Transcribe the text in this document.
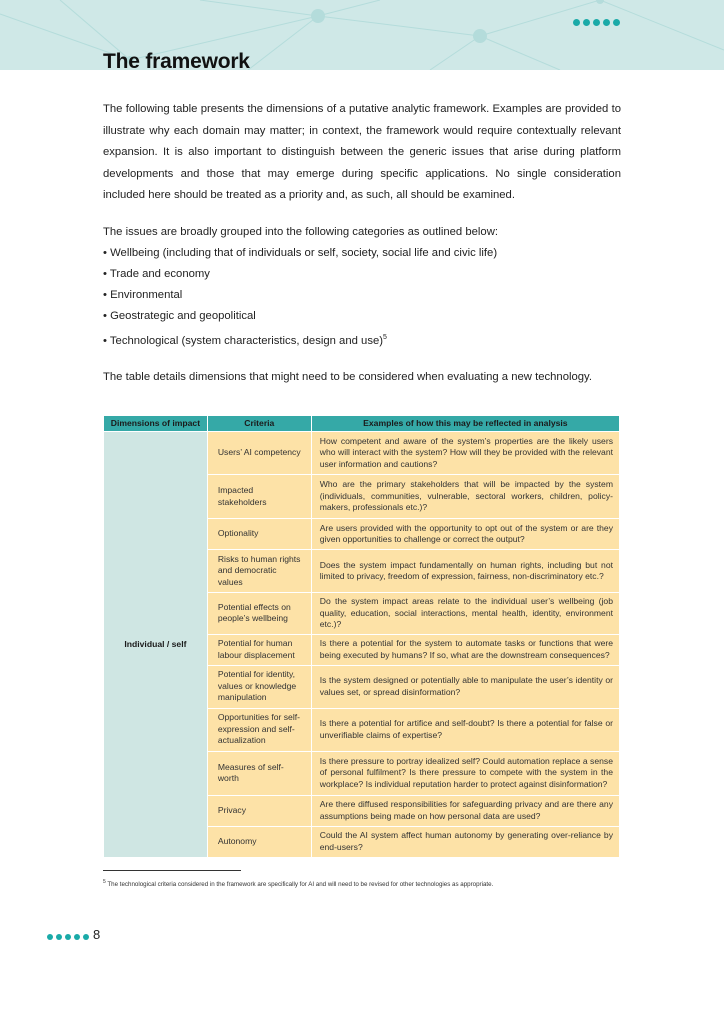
The framework

The following table presents the dimensions of a putative analytic framework. Examples are provided to illustrate why each domain may matter; in context, the framework would require contextually relevant expansion. It is also important to distinguish between the generic issues that arise during platform developments and those that may emerge during specific applications. No single consideration included here should be treated as a priority and, as such, all should be examined.

The issues are broadly grouped into the following categories as outlined below:

• Wellbeing (including that of individuals or self, society, social life and civic life)
• Trade and economy
• Environmental
• Geostrategic and geopolitical
• Technological (system characteristics, design and use)$^5$

The table details dimensions that might need to be considered when evaluating a new technology.

Dimensions of impact	Criteria	Examples of how this may be reflected in analysis
Individual / self	Users’ AI competency	How competent and aware of the system’s properties are the likely users who will interact with the system? How will they be provided with the relevant user information and cautions?
	Impacted stakeholders	Who are the primary stakeholders that will be impacted by the system (individuals, communities, vulnerable, sectoral workers, children, policy-makers, professionals etc.)?
	Optionality	Are users provided with the opportunity to opt out of the system or are they given opportunities to challenge or correct the output?
	Risks to human rights and democratic values	Does the system impact fundamentally on human rights, including but not limited to privacy, freedom of expression, fairness, non-discriminatory etc.?
	Potential effects on people’s wellbeing	Do the system impact areas relate to the individual user’s wellbeing (job quality, education, social interactions, mental health, identity, environment etc.)?
	Potential for human labour displacement	Is there a potential for the system to automate tasks or functions that were being executed by humans? If so, what are the downstream consequences?
	Potential for identity, values or knowledge manipulation	Is the system designed or potentially able to manipulate the user’s identity or values set, or spread disinformation?
	Opportunities for self-expression and self-actualization	Is there a potential for artifice and self-doubt? Is there a potential for false or unverifiable claims of expertise?
	Measures of self-worth	Is there pressure to portray idealized self? Could automation replace a sense of personal fulfilment? Is there pressure to compete with the system in the workplace? Is individual reputation harder to protect against disinformation?
	Privacy	Are there diffused responsibilities for safeguarding privacy and are there any assumptions being made on how personal data are used?
	Autonomy	Could the AI system affect human autonomy by generating over-reliance by end-users?

$^5$ The technological criteria considered in the framework are specifically for AI and will need to be revised for other technologies as appropriate.

8
